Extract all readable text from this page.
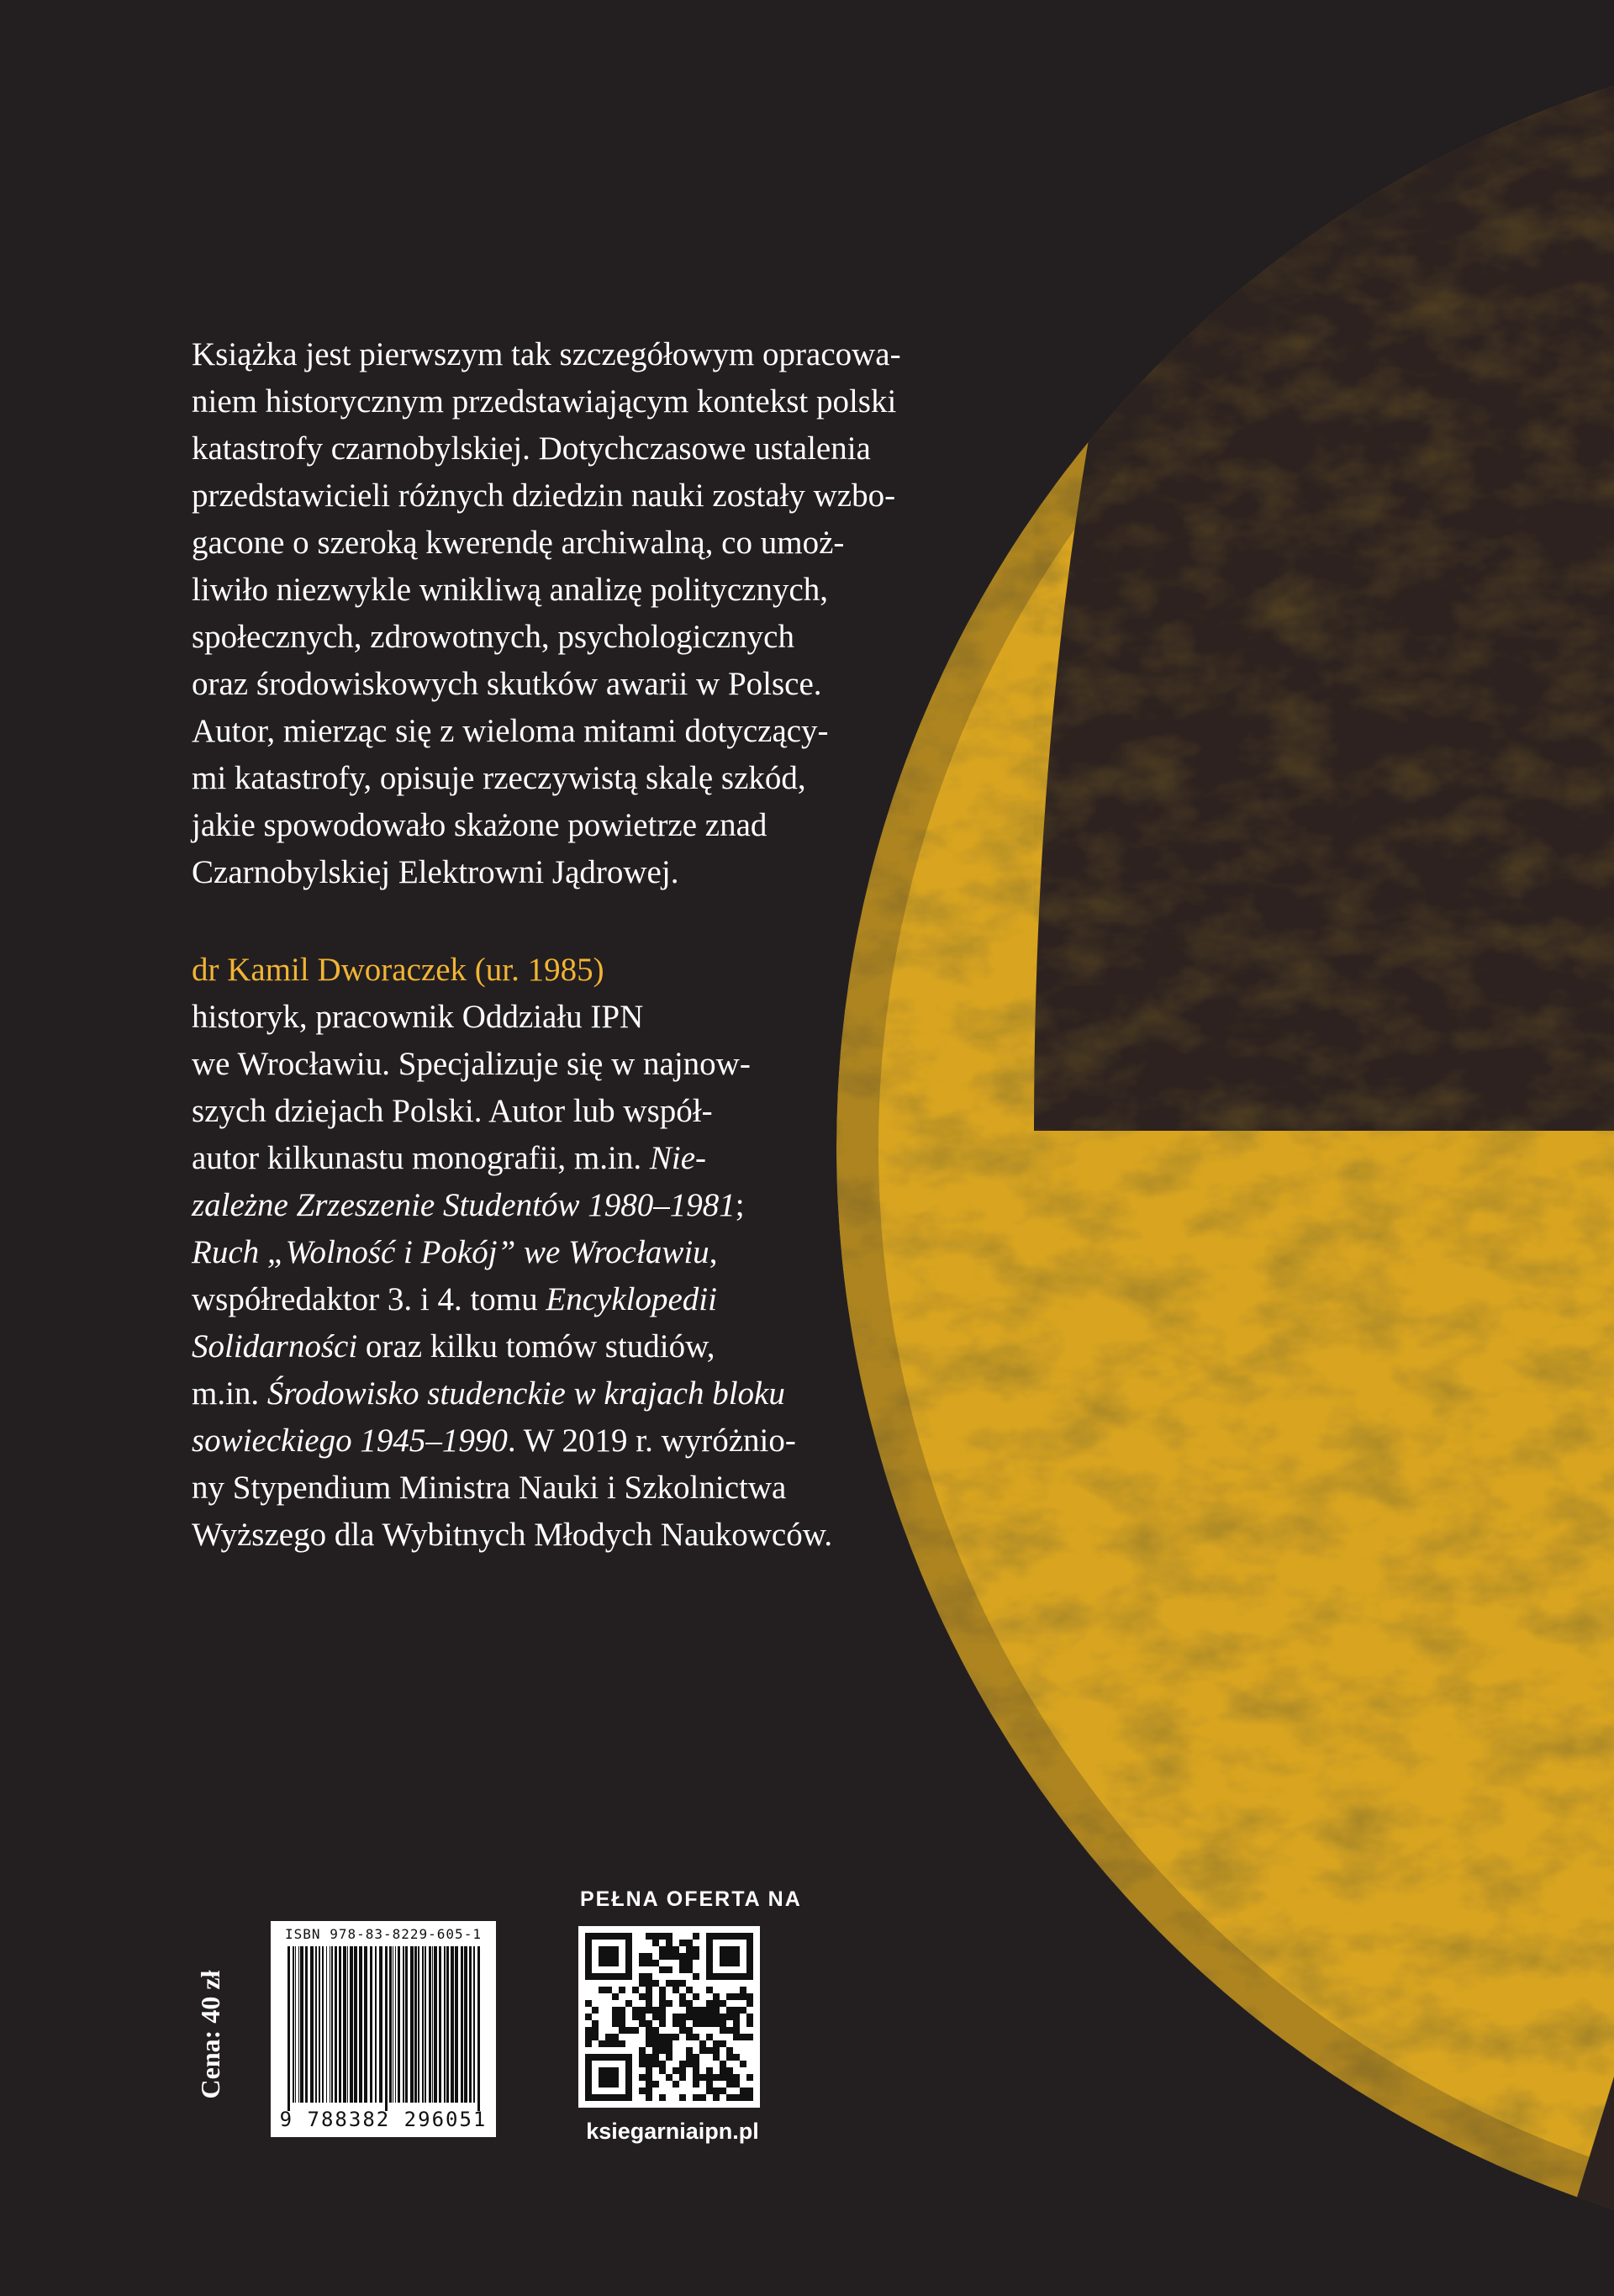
Książka jest pierwszym tak szczegółowym opracowa-
niem historycznym przedstawiającym kontekst polski
katastrofy czarnobylskiej. Dotychczasowe ustalenia
przedstawicieli różnych dziedzin nauki zostały wzbo-
gacone o szeroką kwerendę archiwalną, co umoż-
liwiło niezwykle wnikliwą analizę politycznych,
społecznych, zdrowotnych, psychologicznych
oraz środowiskowych skutków awarii w Polsce.
Autor, mierząc się z wieloma mitami dotyczący-
mi katastrofy, opisuje rzeczywistą skalę szkód,
jakie spowodowało skażone powietrze znad
Czarnobylskiej Elektrowni Jądrowej.
dr Kamil Dworaczek (ur. 1985)
historyk, pracownik Oddziału IPN
we Wrocławiu. Specjalizuje się w najnow-
szych dziejach Polski. Autor lub współ-
autor kilkunastu monografii, m.in. Nie-
zależne Zrzeszenie Studentów 1980–1981;
Ruch „Wolność i Pokój” we Wrocławiu,
współredaktor 3. i 4. tomu Encyklopedii
Solidarności oraz kilku tomów studiów,
m.in. Środowisko studenckie w krajach bloku
sowieckiego 1945–1990. W 2019 r. wyróżnio-
ny Stypendium Ministra Nauki i Szkolnictwa
Wyższego dla Wybitnych Młodych Naukowców.
Cena: 40 zł
ISBN 978-83-8229-605-1
9 788382 296051
PEŁNA OFERTA NA
ksiegarniaipn.pl
